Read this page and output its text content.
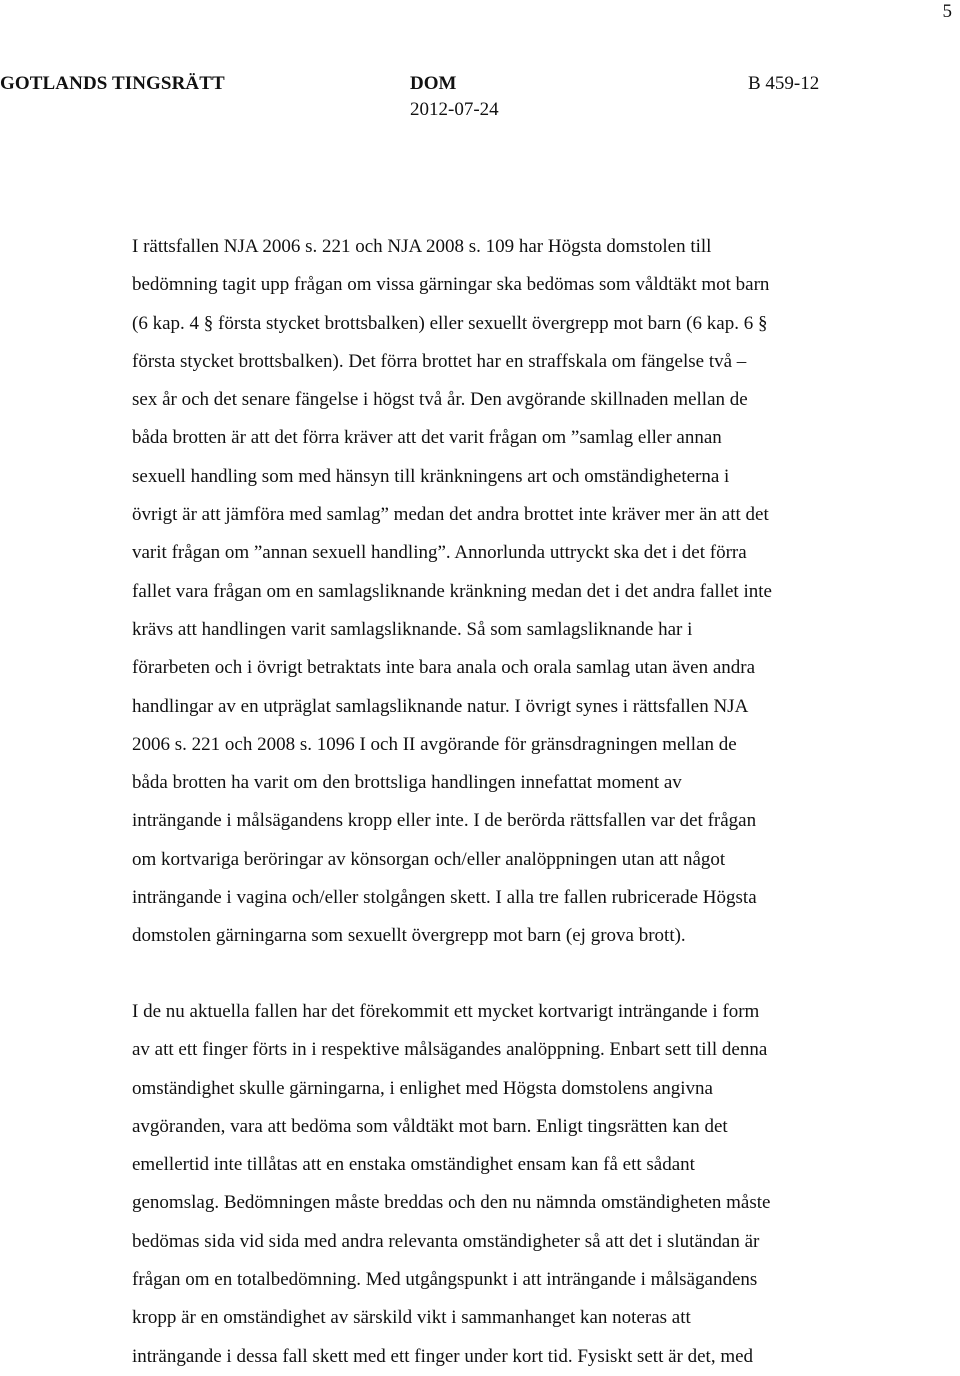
5
GOTLANDS TINGSRÄTT	DOM
2012-07-24
B 459-12
I rättsfallen NJA 2006 s. 221 och NJA 2008 s. 109 har Högsta domstolen till
bedömning tagit upp frågan om vissa gärningar ska bedömas som våldtäkt mot barn
(6 kap. 4 § första stycket brottsbalken) eller sexuellt övergrepp mot barn (6 kap. 6 §
första stycket brottsbalken). Det förra brottet har en straffskala om fängelse två –
sex år och det senare fängelse i högst två år. Den avgörande skillnaden mellan de
båda brotten är att det förra kräver att det varit frågan om ”samlag eller annan
sexuell handling som med hänsyn till kränkningens art och omständigheterna i
övrigt är att jämföra med samlag” medan det andra brottet inte kräver mer än att det
varit frågan om ”annan sexuell handling”. Annorlunda uttryckt ska det i det förra
fallet vara frågan om en samlagsliknande kränkning medan det i det andra fallet inte
krävs att handlingen varit samlagsliknande. Så som samlagsliknande har i
förarbeten och i övrigt betraktats inte bara anala och orala samlag utan även andra
handlingar av en utpräglat samlagsliknande natur. I övrigt synes i rättsfallen NJA
2006 s. 221 och 2008 s. 1096 I och II avgörande för gränsdragningen mellan de
båda brotten ha varit om den brottsliga handlingen innefattat moment av
inträngande i målsägandens kropp eller inte. I de berörda rättsfallen var det frågan
om kortvariga beröringar av könsorgan och/eller analöppningen utan att något
inträngande i vagina och/eller stolgången skett. I alla tre fallen rubricerade Högsta
domstolen gärningarna som sexuellt övergrepp mot barn (ej grova brott).
I de nu aktuella fallen har det förekommit ett mycket kortvarigt inträngande i form
av att ett finger förts in i respektive målsägandes analöppning. Enbart sett till denna
omständighet skulle gärningarna, i enlighet med Högsta domstolens angivna
avgöranden, vara att bedöma som våldtäkt mot barn. Enligt tingsrätten kan det
emellertid inte tillåtas att en enstaka omständighet ensam kan få ett sådant
genomslag. Bedömningen måste breddas och den nu nämnda omständigheten måste
bedömas sida vid sida med andra relevanta omständigheter så att det i slutändan är
frågan om en totalbedömning. Med utgångspunkt i att inträngande i målsägandens
kropp är en omständighet av särskild vikt i sammanhanget kan noteras att
inträngande i dessa fall skett med ett finger under kort tid. Fysiskt sett är det, med
